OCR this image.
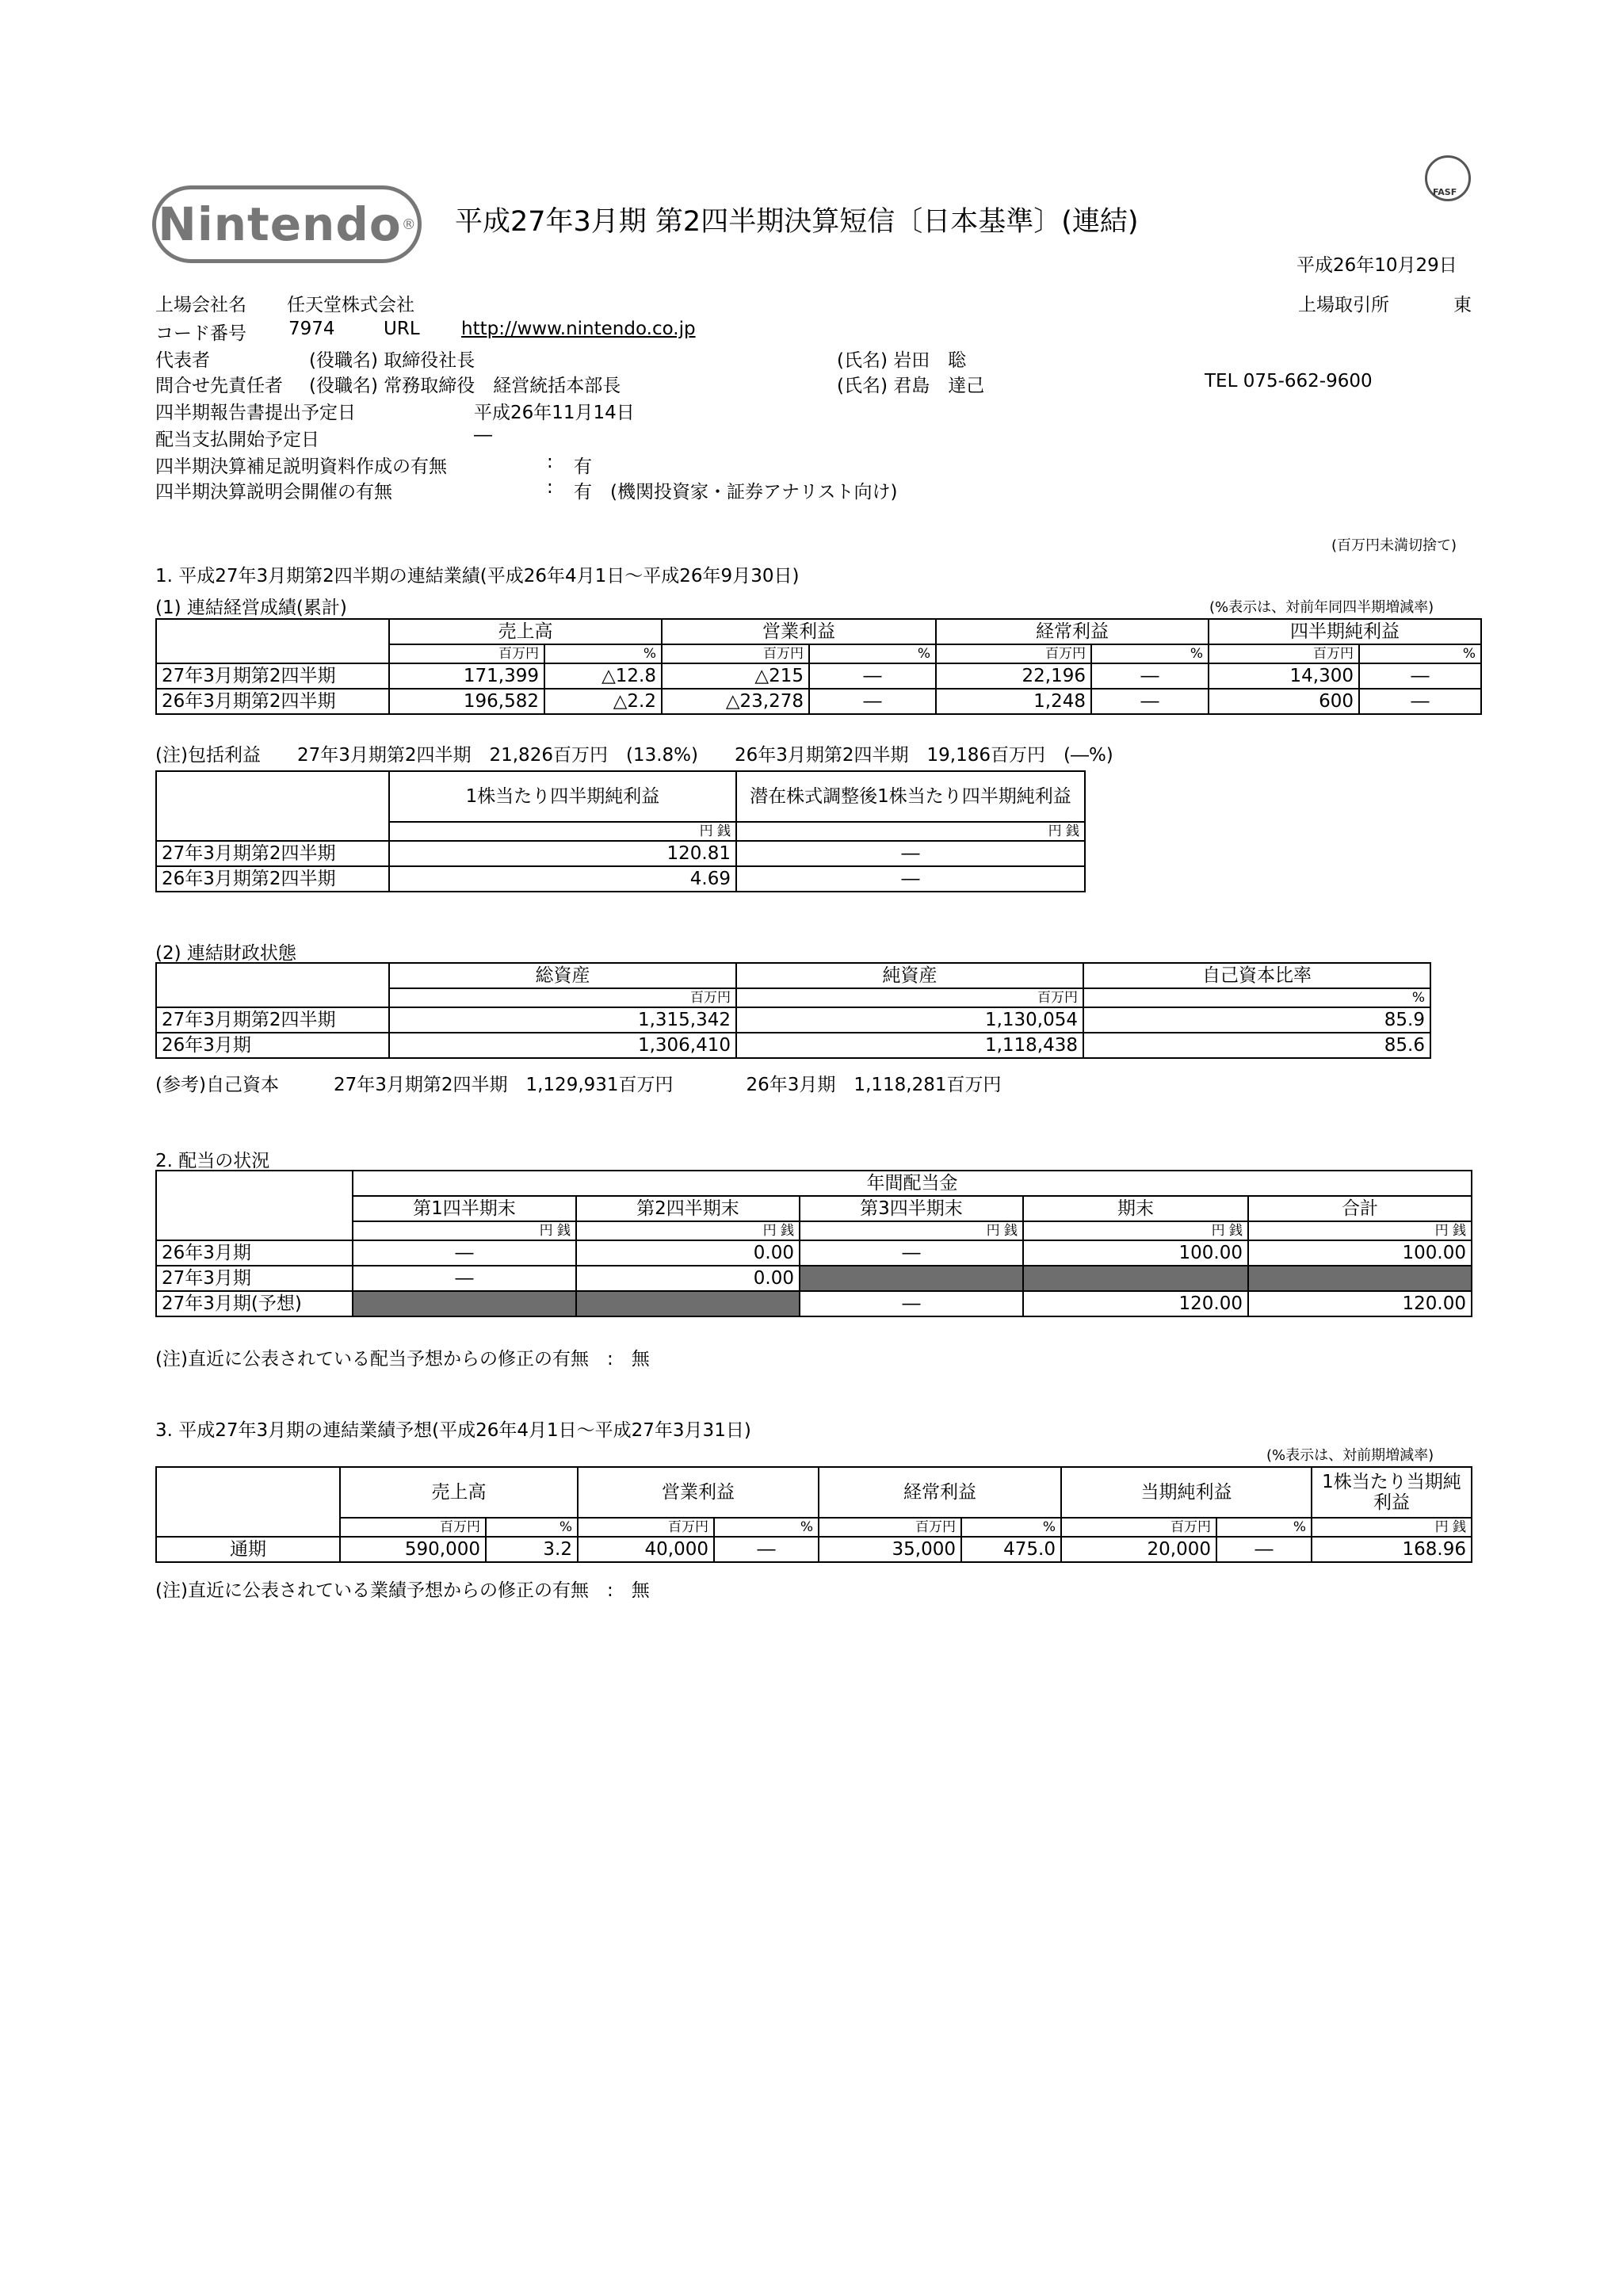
Nintendo ® 平成27年3月期 第2四半期決算短信〔日本基準〕(連結)
FASF
平成26年10月29日
上場会社名 任天堂株式会社	上場取引所	東
コード番号 7974	URL http://www.nintendo.co.jp
代表者	(役職名) 取締役社長	(氏名) 岩田　聡
問合せ先責任者 (役職名) 常務取締役　経営統括本部長	(氏名) 君島　達己	TEL 075-662-9600
四半期報告書提出予定日	平成26年11月14日
配当支払開始予定日	―
四半期決算補足説明資料作成の有無	: 有
四半期決算説明会開催の有無	: 有　(機関投資家・証券アナリスト向け)
(百万円未満切捨て)
1. 平成27年3月期第2四半期の連結業績(平成26年4月1日～平成26年9月30日)
(1) 連結経営成績(累計)	(%表示は、対前年同四半期増減率)
	売上高		営業利益		経常利益		四半期純利益	
	百万円	%	百万円	%	百万円	%	百万円	%
27年3月期第2四半期	171,399	△12.8	△215	―	22,196	―	14,300	―
26年3月期第2四半期	196,582	△2.2	△23,278	―	1,248	―	600	―
(注)包括利益　　27年3月期第2四半期　21,826百万円　(13.8%)　　26年3月期第2四半期　19,186百万円　(―%)
	1株当たり四半期純利益	潜在株式調整後1株当たり四半期純利益
	円 銭	円 銭
27年3月期第2四半期	120.81	―
26年3月期第2四半期	4.69	―
(2) 連結財政状態
	総資産	純資産	自己資本比率
	百万円	百万円	%
27年3月期第2四半期	1,315,342	1,130,054	85.9
26年3月期	1,306,410	1,118,438	85.6
(参考)自己資本　　　27年3月期第2四半期　1,129,931百万円　　　　26年3月期　1,118,281百万円
2. 配当の状況
	年間配当金				
	第1四半期末	第2四半期末	第3四半期末	期末	合計
	円 銭	円 銭	円 銭	円 銭	円 銭
26年3月期	―	0.00	―	100.00	100.00
27年3月期	―	0.00			
27年3月期(予想)			―	120.00	120.00
(注)直近に公表されている配当予想からの修正の有無　:　無
3. 平成27年3月期の連結業績予想(平成26年4月1日～平成27年3月31日)
(%表示は、対前期増減率)
	売上高		営業利益		経常利益		当期純利益		1株当たり当期純利益
	百万円	%	百万円	%	百万円	%	百万円	%	円 銭
通期	590,000	3.2	40,000	―	35,000	475.0	20,000	―	168.96
(注)直近に公表されている業績予想からの修正の有無　:　無
